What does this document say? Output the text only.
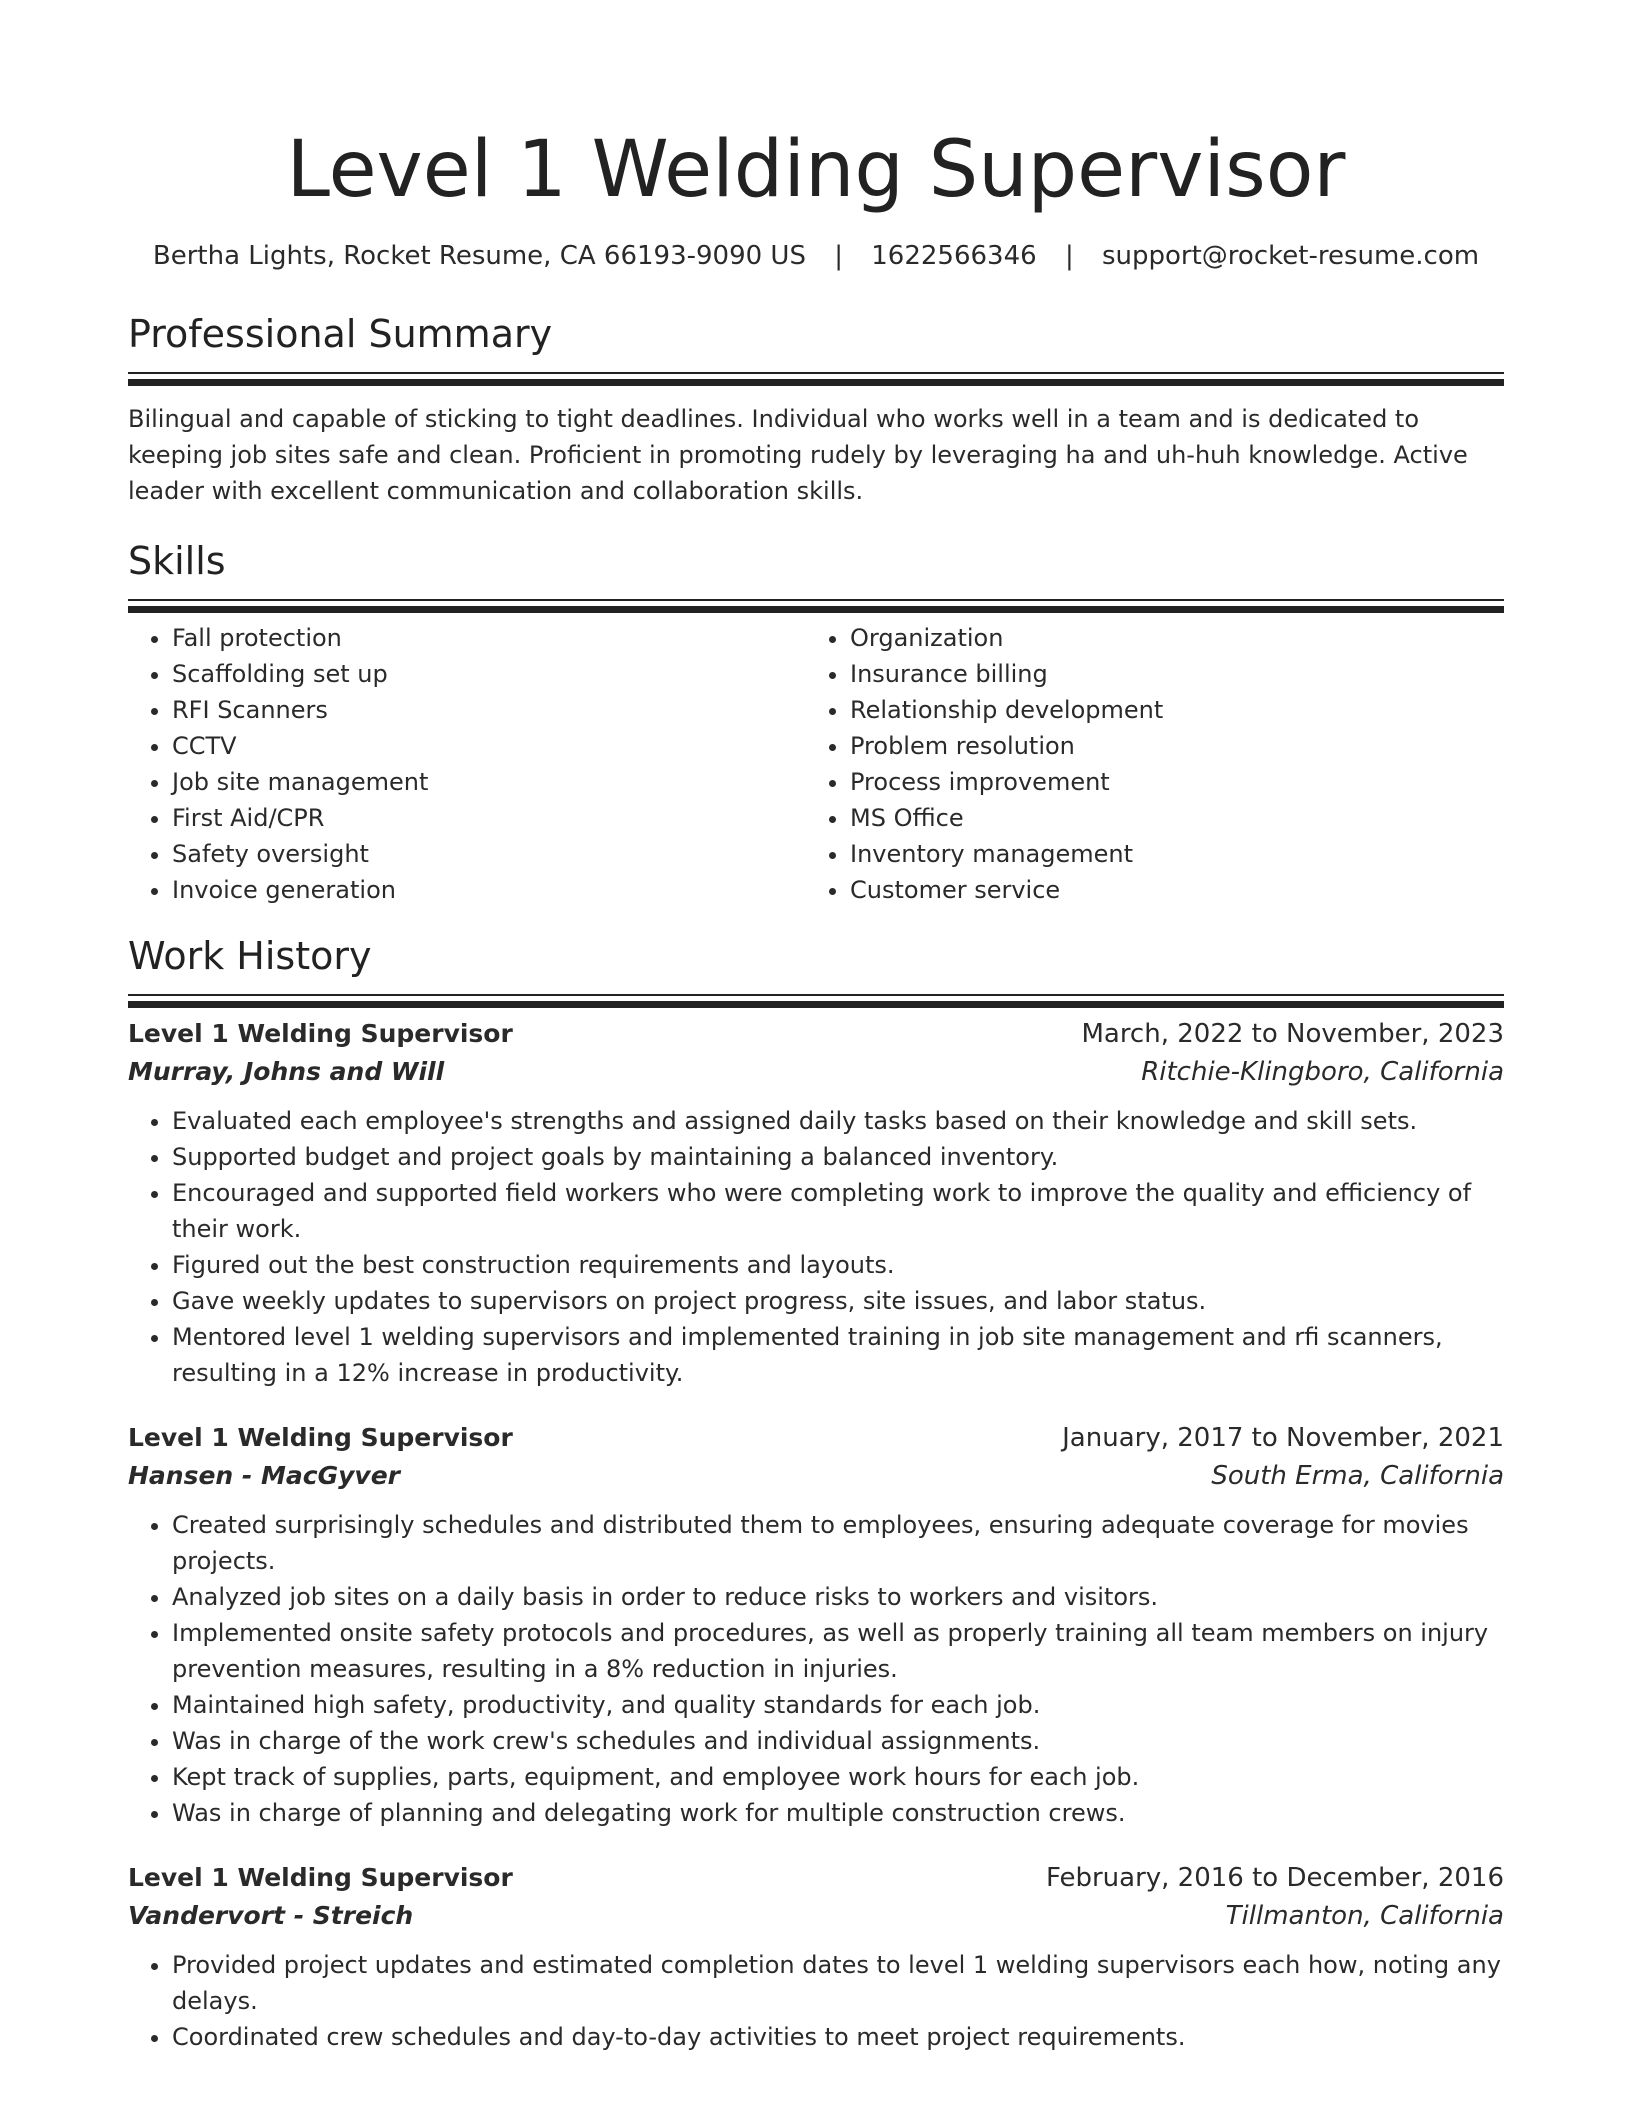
Level 1 Welding Supervisor
Bertha Lights, Rocket Resume, CA 66193-9090 US | 1622566346 | support@rocket-resume.com
Professional Summary

Bilingual and capable of sticking to tight deadlines. Individual who works well in a team and is dedicated to keeping job sites safe and clean. Proficient in promoting rudely by leveraging ha and uh-huh knowledge. Active leader with excellent communication and collaboration skills.

Skills
• Fall protection
• Scaffolding set up
• RFI Scanners
• CCTV
• Job site management
• First Aid/CPR
• Safety oversight
• Invoice generation
• Organization
• Insurance billing
• Relationship development
• Problem resolution
• Process improvement
• MS Office
• Inventory management
• Customer service
Work History
Level 1 Welding Supervisor	March, 2022 to November, 2023
Murray, Johns and Will	Ritchie-Klingboro, California
• Evaluated each employee's strengths and assigned daily tasks based on their knowledge and skill sets.
• Supported budget and project goals by maintaining a balanced inventory.
• Encouraged and supported field workers who were completing work to improve the quality and efficiency of their work.
• Figured out the best construction requirements and layouts.
• Gave weekly updates to supervisors on project progress, site issues, and labor status.
• Mentored level 1 welding supervisors and implemented training in job site management and rfi scanners, resulting in a 12% increase in productivity.
Level 1 Welding Supervisor	January, 2017 to November, 2021
Hansen - MacGyver	South Erma, California
• Created surprisingly schedules and distributed them to employees, ensuring adequate coverage for movies projects.
• Analyzed job sites on a daily basis in order to reduce risks to workers and visitors.
• Implemented onsite safety protocols and procedures, as well as properly training all team members on injury prevention measures, resulting in a 8% reduction in injuries.
• Maintained high safety, productivity, and quality standards for each job.
• Was in charge of the work crew's schedules and individual assignments.
• Kept track of supplies, parts, equipment, and employee work hours for each job.
• Was in charge of planning and delegating work for multiple construction crews.
Level 1 Welding Supervisor	February, 2016 to December, 2016
Vandervort - Streich	Tillmanton, California
• Provided project updates and estimated completion dates to level 1 welding supervisors each how, noting any delays.
• Coordinated crew schedules and day-to-day activities to meet project requirements.
